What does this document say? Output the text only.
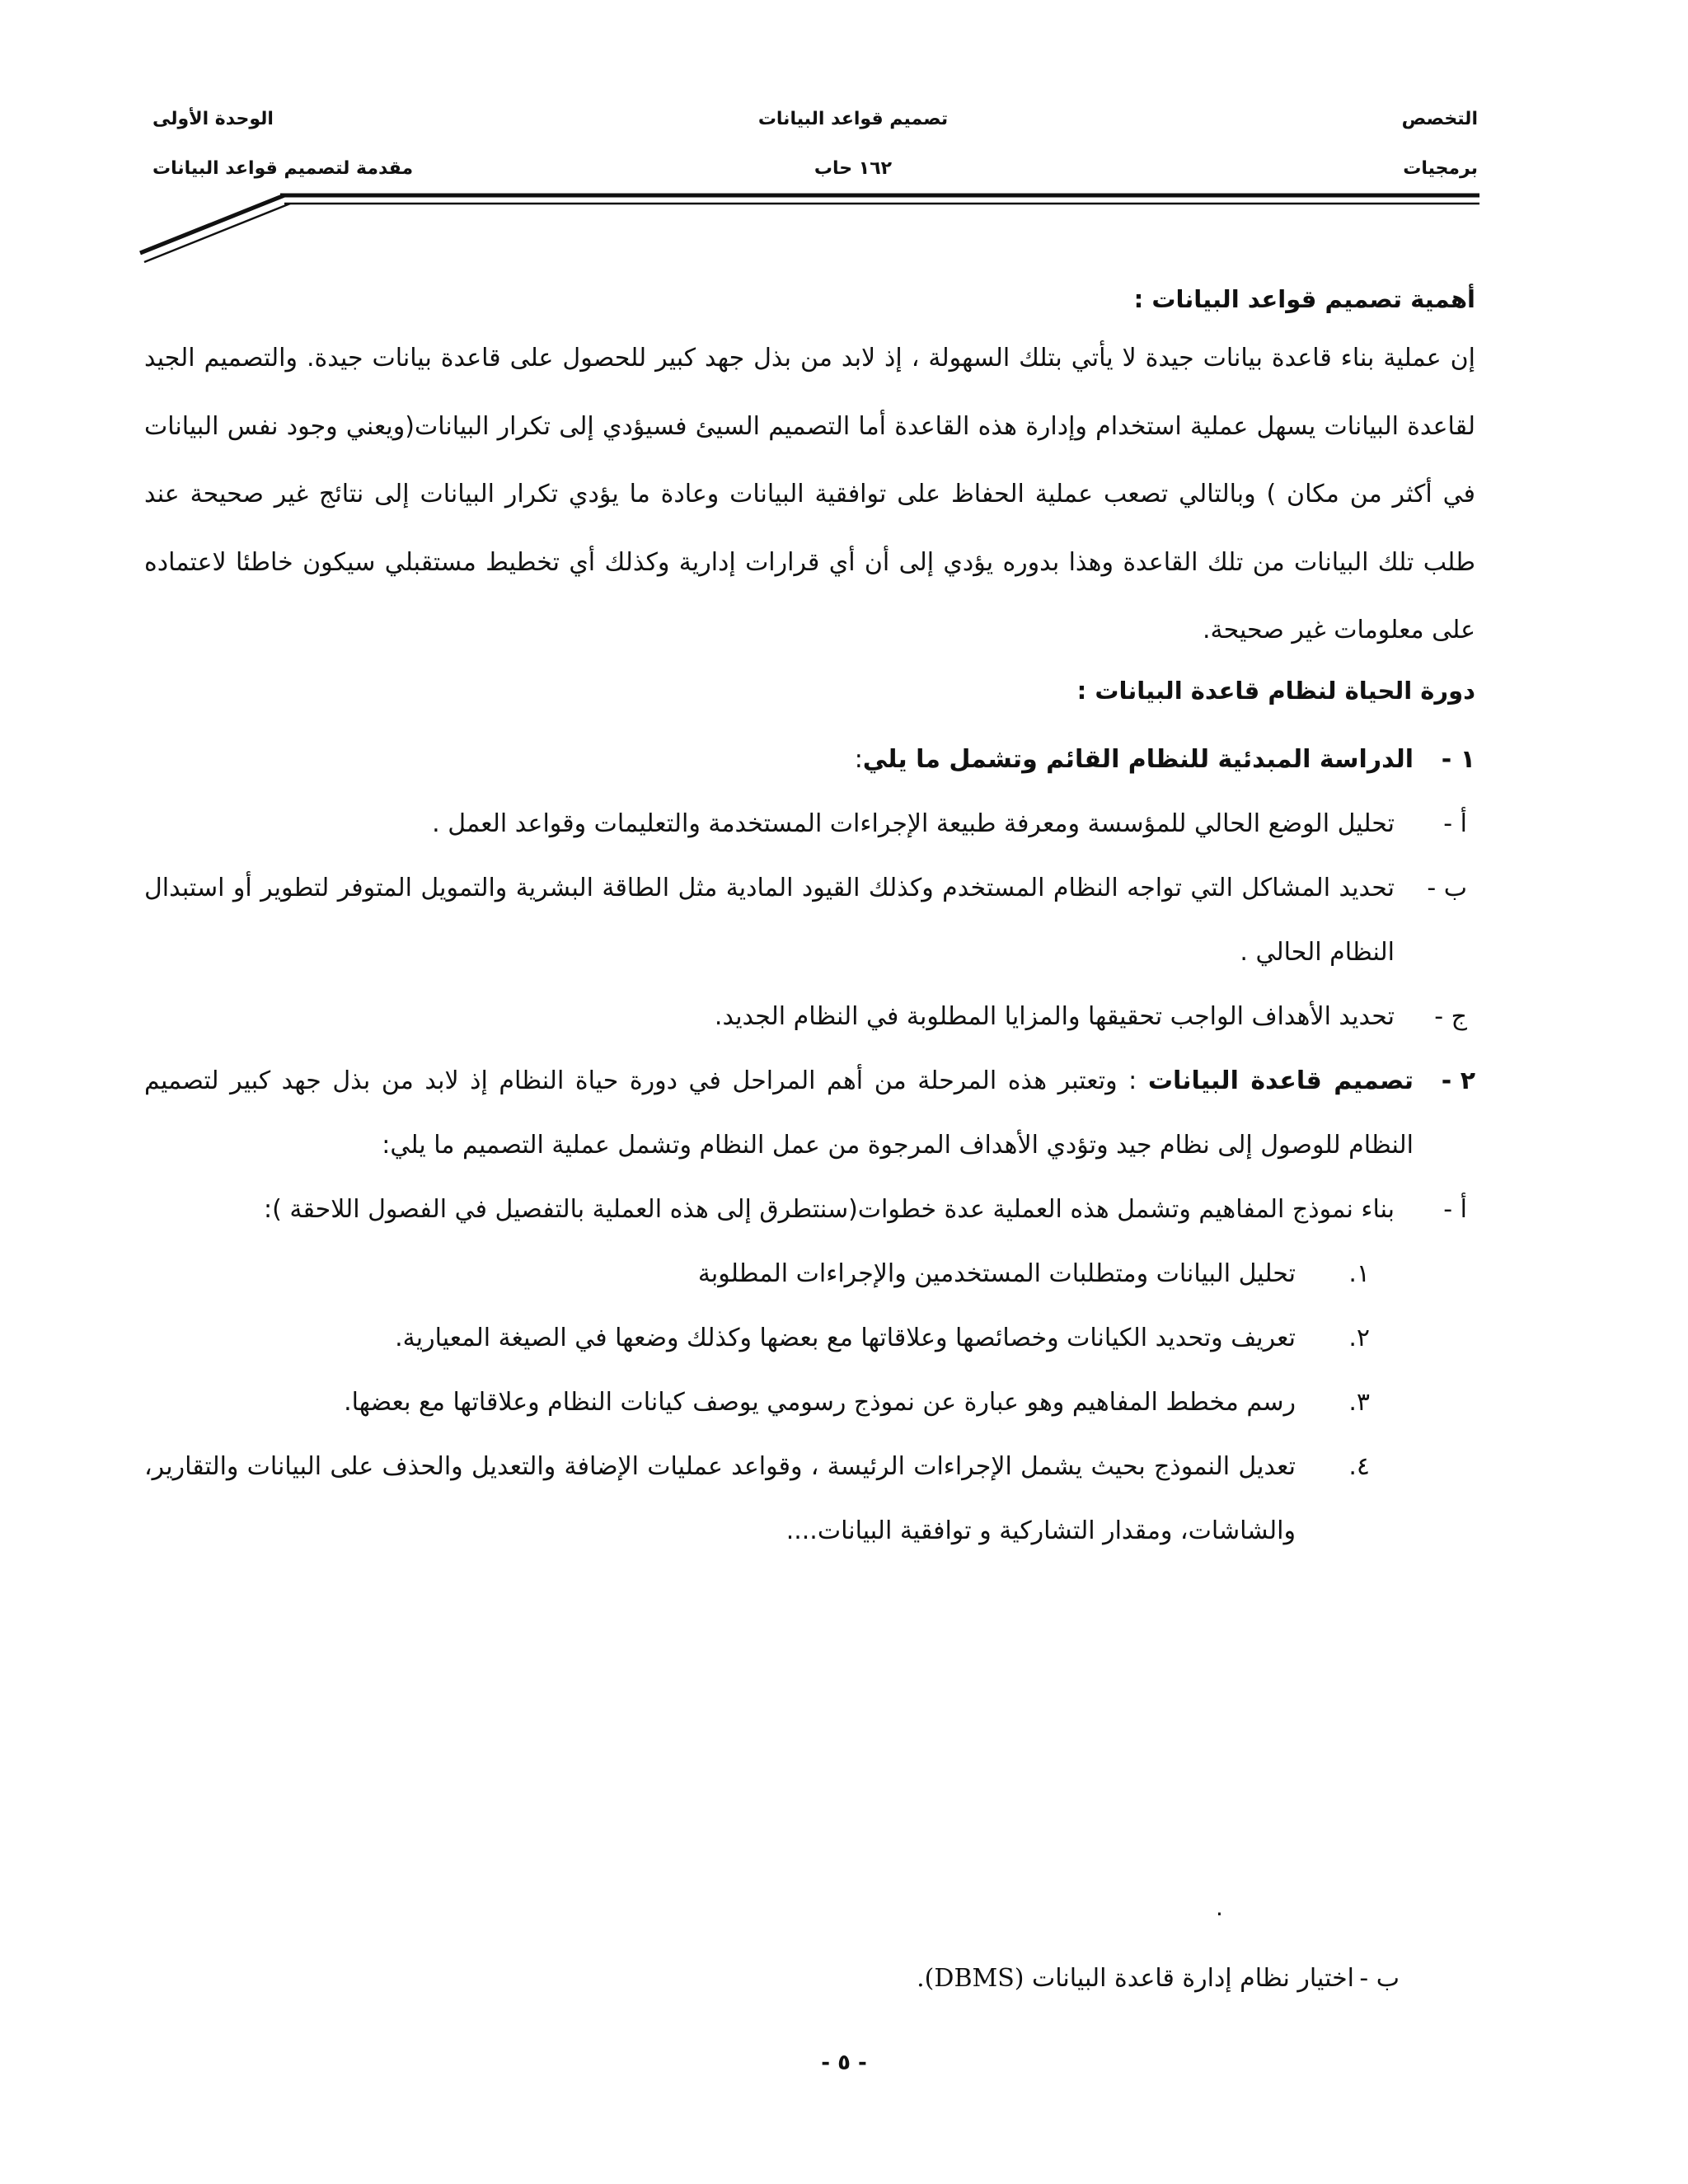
التخصص
تصميم قواعد البيانات
الوحدة الأولى
برمجيات
١٦٢ حاب
مقدمة لتصميم قواعد البيانات

أهمية تصميم قواعد البيانات :

إن عملية بناء قاعدة بيانات جيدة لا يأتي بتلك السهولة ، إذ لابد من بذل جهد كبير للحصول على قاعدة بيانات جيدة. والتصميم الجيد لقاعدة البيانات يسهل عملية استخدام وإدارة هذه القاعدة أما التصميم السيئ فسيؤدي إلى تكرار البيانات(ويعني وجود نفس البيانات في أكثر من مكان ) وبالتالي تصعب عملية الحفاظ على توافقية البيانات وعادة ما يؤدي تكرار البيانات إلى نتائج غير صحيحة عند طلب تلك البيانات من تلك القاعدة وهذا بدوره يؤدي إلى أن أي قرارات إدارية وكذلك أي تخطيط مستقبلي سيكون خاطئا لاعتماده على معلومات غير صحيحة.

دورة الحياة لنظام قاعدة البيانات :

١ -
الدراسة المبدئية للنظام القائم وتشمل ما يلي:

أ -
تحليل الوضع الحالي للمؤسسة ومعرفة طبيعة الإجراءات المستخدمة والتعليمات وقواعد العمل .

ب -
تحديد المشاكل التي تواجه النظام المستخدم وكذلك القيود المادية مثل الطاقة البشرية والتمويل المتوفر لتطوير أو استبدال النظام الحالي .

ج -
تحديد الأهداف الواجب تحقيقها والمزايا المطلوبة في النظام الجديد.

٢ -
تصميم قاعدة البيانات : وتعتبر هذه المرحلة من أهم المراحل في دورة حياة النظام إذ لابد من بذل جهد كبير لتصميم النظام للوصول إلى نظام جيد وتؤدي الأهداف المرجوة من عمل النظام وتشمل عملية التصميم ما يلي:

أ -
بناء نموذج المفاهيم وتشمل هذه العملية عدة خطوات(سنتطرق إلى هذه العملية بالتفصيل في الفصول اللاحقة ):

١.
تحليل البيانات ومتطلبات المستخدمين والإجراءات المطلوبة

٢.
تعريف وتحديد الكيانات وخصائصها وعلاقاتها مع بعضها وكذلك وضعها في الصيغة المعيارية.

٣.
رسم مخطط المفاهيم وهو عبارة عن نموذج رسومي يوصف كيانات النظام وعلاقاتها مع بعضها.

٤.
تعديل النموذج بحيث يشمل الإجراءات الرئيسة ، وقواعد عمليات الإضافة والتعديل والحذف على البيانات والتقارير، والشاشات، ومقدار التشاركية و توافقية البيانات....

.

ب -
اختيار نظام إدارة قاعدة البيانات (DBMS).

- ٥ -
